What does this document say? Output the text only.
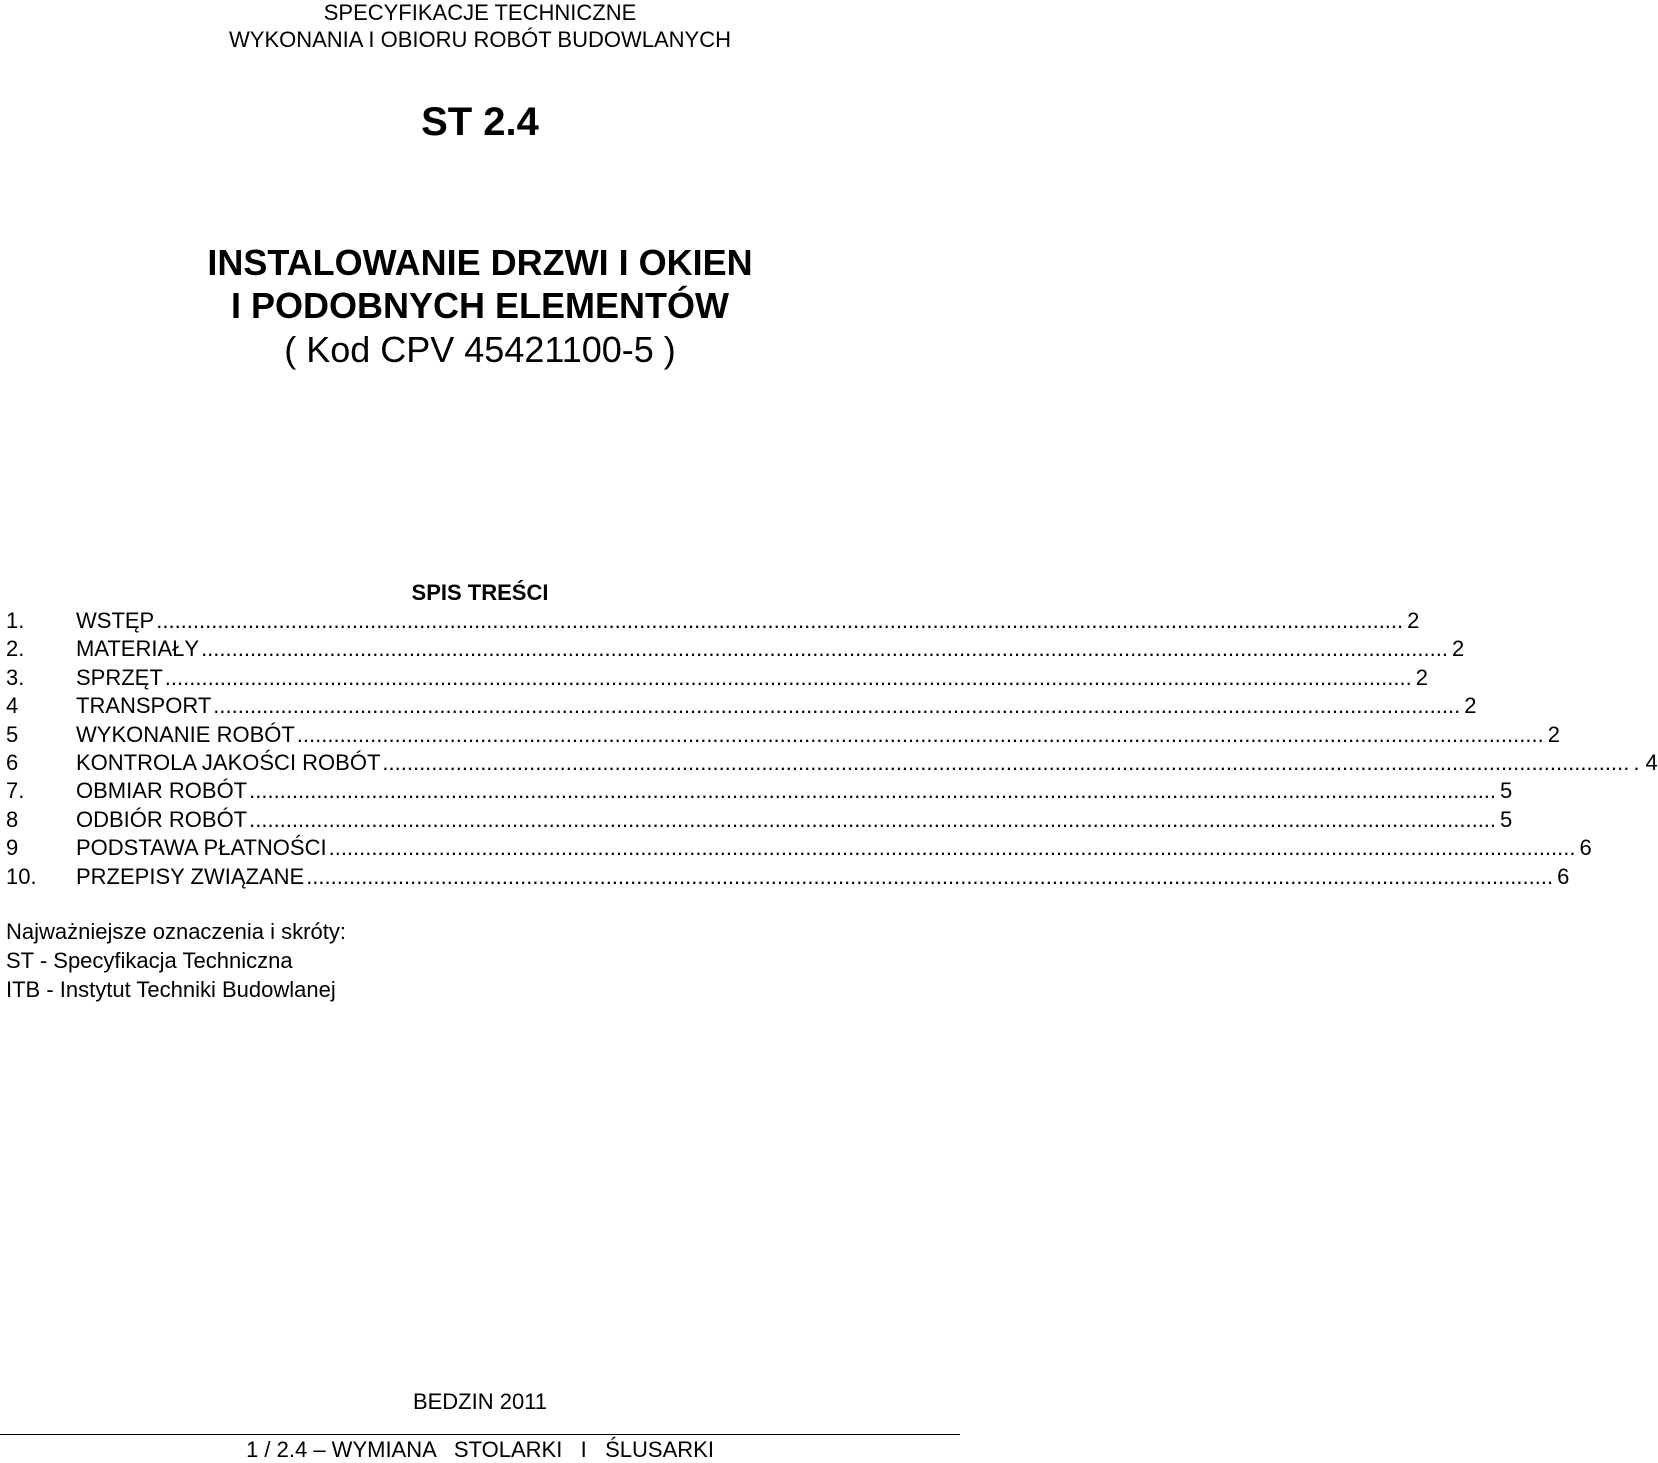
SPECYFIKACJE TECHNICZNE
WYKONANIA I OBIORU ROBÓT BUDOWLANYCH
ST 2.4
INSTALOWANIE DRZWI I OKIEN
I PODOBNYCH ELEMENTÓW
( Kod CPV 45421100-5 )
SPIS TREŚCI
1.	WSTĘP ............................................................................................................................................................................................................ 2
2.	MATERIAŁY ............................................................................................................................................................................................................ 2
3.	SPRZĘT ............................................................................................................................................................................................................ 2
4	TRANSPORT ............................................................................................................................................................................................................ 2
5	WYKONANIE ROBÓT ............................................................................................................................................................................................................ 2
6	KONTROLA JAKOŚCI ROBÓT ............................................................................................................................................................................................................ . 4
7.	OBMIAR ROBÓT ............................................................................................................................................................................................................ 5
8	ODBIÓR ROBÓT ............................................................................................................................................................................................................ 5
9	PODSTAWA PŁATNOŚCI ............................................................................................................................................................................................................ 6
10.	PRZEPISY ZWIĄZANE ............................................................................................................................................................................................................ 6
Najważniejsze oznaczenia i skróty:
ST - Specyfikacja Techniczna
ITB - Instytut Techniki Budowlanej
BEDZIN 2011
1 / 2.4 – WYMIANA   STOLARKI   I   ŚLUSARKI
